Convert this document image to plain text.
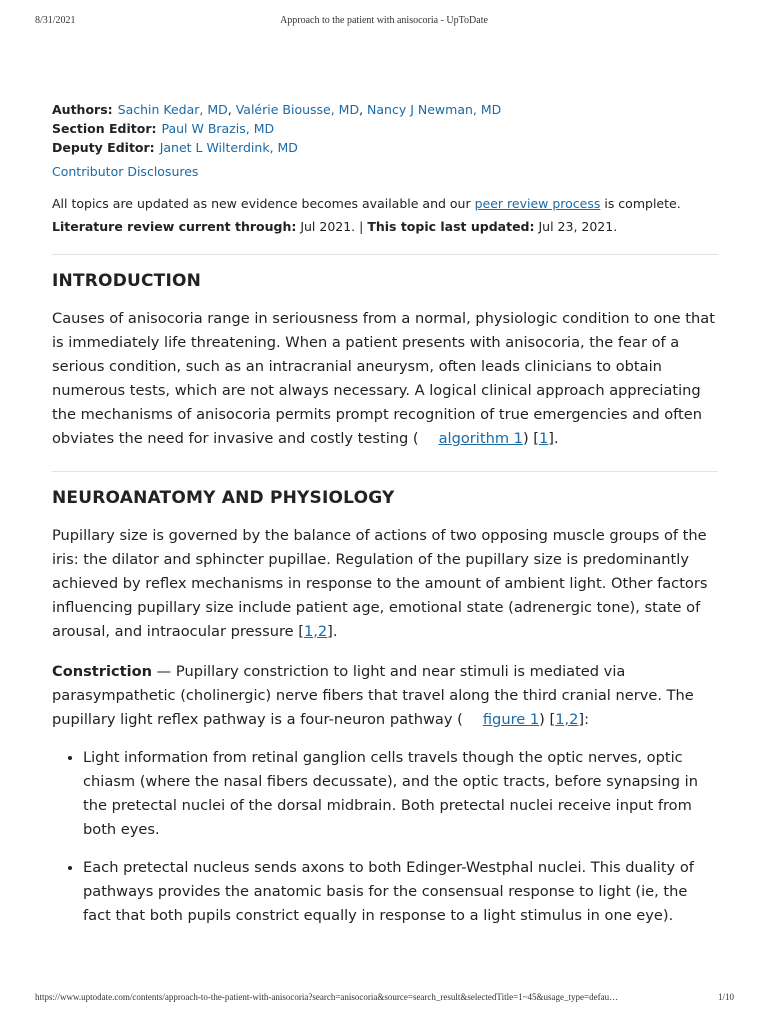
8/31/2021	Approach to the patient with anisocoria - UpToDate
Authors: Sachin Kedar, MD, Valérie Biousse, MD, Nancy J Newman, MD
Section Editor: Paul W Brazis, MD
Deputy Editor: Janet L Wilterdink, MD
Contributor Disclosures
All topics are updated as new evidence becomes available and our peer review process is complete.
Literature review current through: Jul 2021. | This topic last updated: Jul 23, 2021.
INTRODUCTION

Causes of anisocoria range in seriousness from a normal, physiologic condition to one that is immediately life threatening. When a patient presents with anisocoria, the fear of a serious condition, such as an intracranial aneurysm, often leads clinicians to obtain numerous tests, which are not always necessary. A logical clinical approach appreciating the mechanisms of anisocoria permits prompt recognition of true emergencies and often obviates the need for invasive and costly testing ( algorithm 1) [1].

NEUROANATOMY AND PHYSIOLOGY

Pupillary size is governed by the balance of actions of two opposing muscle groups of the iris: the dilator and sphincter pupillae. Regulation of the pupillary size is predominantly achieved by reflex mechanisms in response to the amount of ambient light. Other factors influencing pupillary size include patient age, emotional state (adrenergic tone), state of arousal, and intraocular pressure [1,2].

Constriction — Pupillary constriction to light and near stimuli is mediated via parasympathetic (cholinergic) nerve fibers that travel along the third cranial nerve. The pupillary light reflex pathway is a four-neuron pathway ( figure 1) [1,2]:

• Light information from retinal ganglion cells travels though the optic nerves, optic chiasm (where the nasal fibers decussate), and the optic tracts, before synapsing in the pretectal nuclei of the dorsal midbrain. Both pretectal nuclei receive input from both eyes.
• Each pretectal nucleus sends axons to both Edinger-Westphal nuclei. This duality of pathways provides the anatomic basis for the consensual response to light (ie, the fact that both pupils constrict equally in response to a light stimulus in one eye).
https://www.uptodate.com/contents/approach-to-the-patient-with-anisocoria?search=anisocoria&source=search_result&selectedTitle=1~45&usage_type=defau…	1/10
